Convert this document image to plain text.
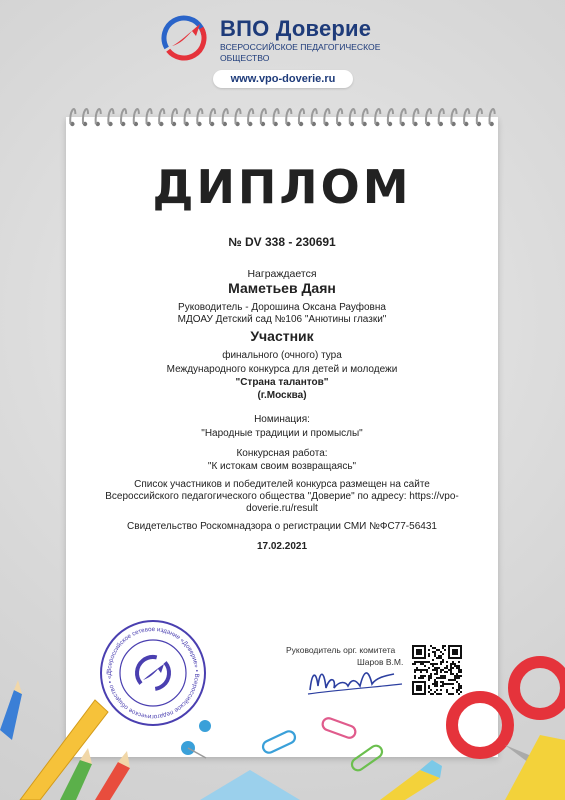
ВПО Доверие
ВСЕРОССИЙСКОЕ ПЕДАГОГИЧЕСКОЕ ОБЩЕСТВО
www.vpo-doverie.ru
ДИПЛОМ
№ DV 338 - 230691
Награждается
Маметьев Даян
Руководитель - Дорошина Оксана Рауфовна
МДОАУ Детский сад №106 "Анютины глазки"
Участник
финального (очного) тура
Международного конкурса для детей и молодежи
"Страна талантов"
(г.Москва)
Номинация:
"Народные традиции и промыслы"
Конкурсная работа:
"К истокам своим возвращаясь"
Список участников и победителей конкурса размещен на сайте
Всероссийского педагогического общества "Доверие" по адресу: https://vpo-
doverie.ru/result
Свидетельство Роскомнадзора о регистрации СМИ №ФС77-56431
17.02.2021
Всероссийское сетевое издание «Доверие» • Всероссийское педагогическое общество • «Д
Руководитель орг. комитета
Шаров В.М.
